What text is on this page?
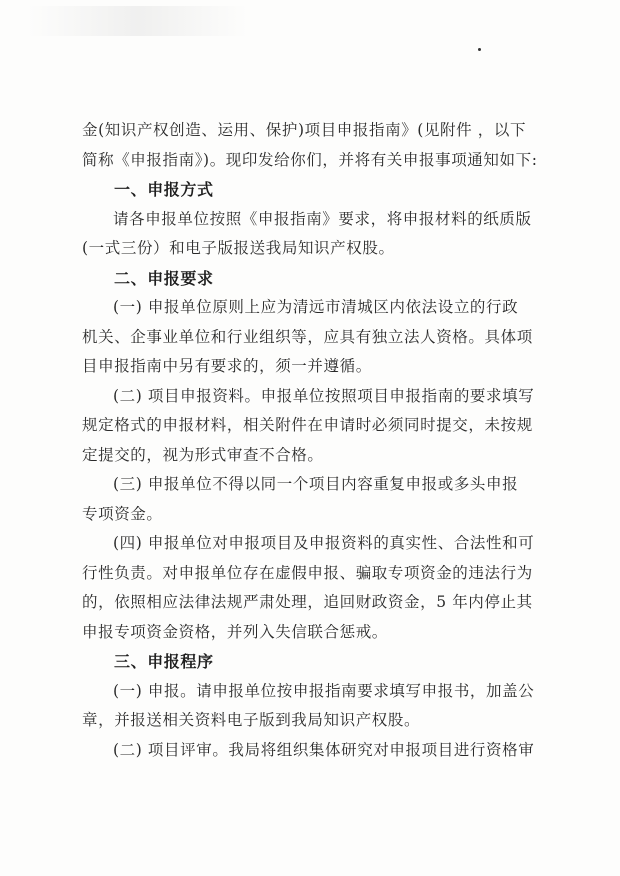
金(知识产权创造、运用、保护)项目申报指南》(见附件 ，以下
简称《申报指南》)。现印发给你们，并将有关申报事项通知如下:

一、申报方式

请各申报单位按照《申报指南》要求，将申报材料的纸质版

(一式三份）和电子版报送我局知识产权股。

二、申报要求

(一) 申报单位原则上应为清远市清城区内依法设立的行政

机关、企事业单位和行业组织等，应具有独立法人资格。具体项
目申报指南中另有要求的，须一并遵循。

(二) 项目申报资料。申报单位按照项目申报指南的要求填写

规定格式的申报材料，相关附件在申请时必须同时提交，未按规
定提交的，视为形式审查不合格。

(三) 申报单位不得以同一个项目内容重复申报或多头申报

专项资金。

(四) 申报单位对申报项目及申报资料的真实性、合法性和可

行性负责。对申报单位存在虚假申报、骗取专项资金的违法行为
的，依照相应法律法规严肃处理，追回财政资金，5 年内停止其
申报专项资金资格，并列入失信联合惩戒。

三、申报程序

(一) 申报。请申报单位按申报指南要求填写申报书，加盖公

章，并报送相关资料电子版到我局知识产权股。

(二) 项目评审。我局将组织集体研究对申报项目进行资格审
